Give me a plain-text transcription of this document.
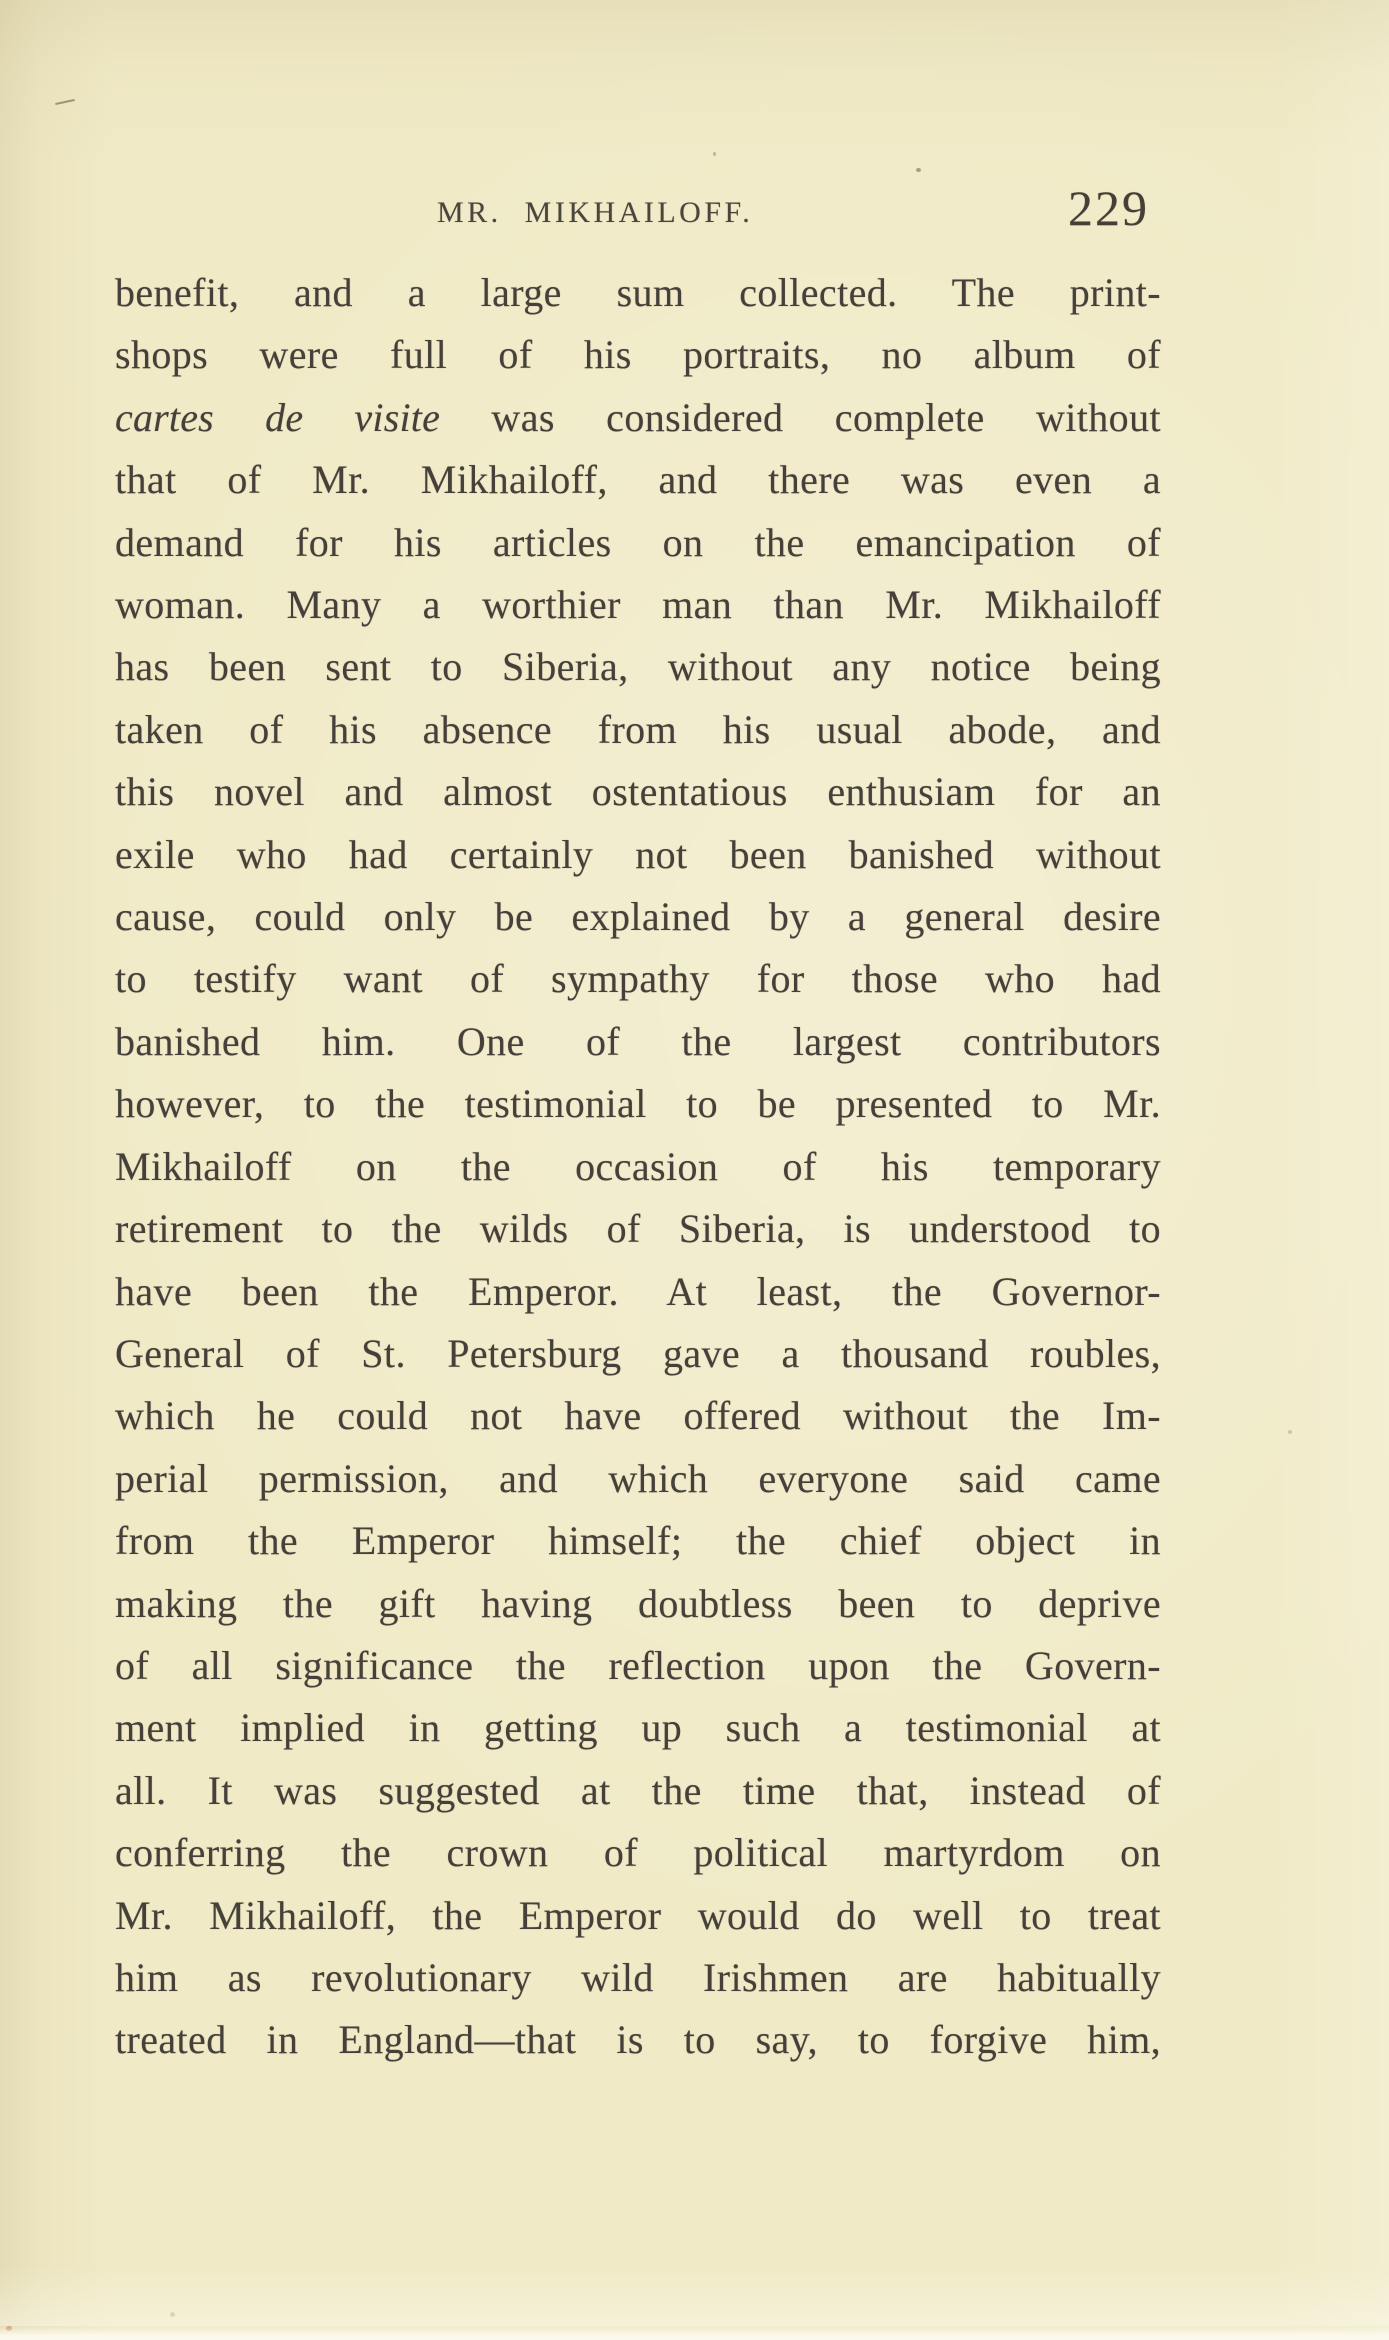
MR. MIKHAILOFF.	229
benefit, and a large sum collected. The print-
shops were full of his portraits, no album of
cartes de visite was considered complete without
that of Mr. Mikhailoff, and there was even a
demand for his articles on the emancipation of
woman. Many a worthier man than Mr. Mikhailoff
has been sent to Siberia, without any notice being
taken of his absence from his usual abode, and
this novel and almost ostentatious enthusiam for an
exile who had certainly not been banished without
cause, could only be explained by a general desire
to testify want of sympathy for those who had
banished him. One of the largest contributors
however, to the testimonial to be presented to Mr.
Mikhailoff on the occasion of his temporary
retirement to the wilds of Siberia, is understood to
have been the Emperor. At least, the Governor-
General of St. Petersburg gave a thousand roubles,
which he could not have offered without the Im-
perial permission, and which everyone said came
from the Emperor himself; the chief object in
making the gift having doubtless been to deprive
of all significance the reflection upon the Govern-
ment implied in getting up such a testimonial at
all. It was suggested at the time that, instead of
conferring the crown of political martyrdom on
Mr. Mikhailoff, the Emperor would do well to treat
him as revolutionary wild Irishmen are habitually
treated in England—that is to say, to forgive him,
